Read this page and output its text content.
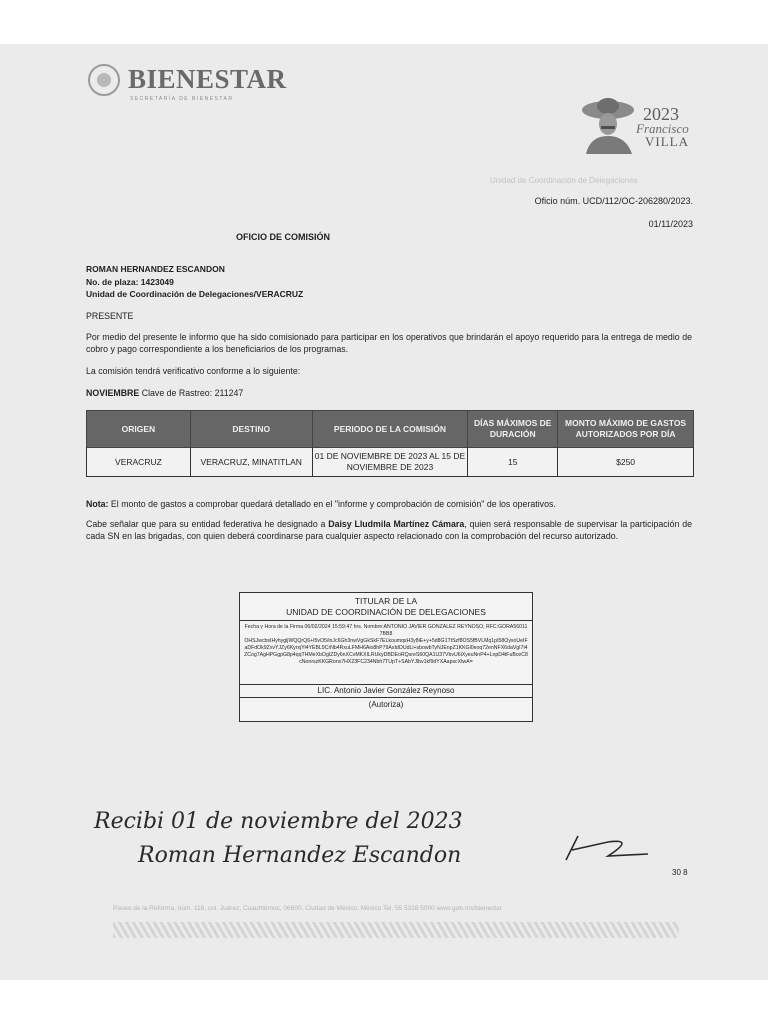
BIENESTAR
SECRETARÍA DE BIENESTAR
2023
Francisco
VILLA
Unidad de Coordinación de Delegaciones
Oficio núm. UCD/112/OC-206280/2023.
01/11/2023
OFICIO DE COMISIÓN
ROMAN HERNANDEZ ESCANDON
No. de plaza: 1423049
Unidad de Coordinación de Delegaciones/VERACRUZ
PRESENTE
Por medio del presente le informo que ha sido comisionado para participar en los operativos que brindarán el apoyo requerido para la entrega de medio de cobro y pago correspondiente a los beneficiarios de los programas.
La comisión tendrá verificativo conforme a lo siguiente:
NOVIEMBRE Clave de Rastreo: 211247
ORIGEN	DESTINO	PERIODO DE LA COMISIÓN	DÍAS MÁXIMOS DE DURACIÓN	MONTO MÁXIMO DE GASTOS AUTORIZADOS POR DÍA
VERACRUZ	VERACRUZ, MINATITLAN	01 DE NOVIEMBRE DE 2023 AL 15 DE NOVIEMBRE DE 2023	15	$250
Nota: El monto de gastos a comprobar quedará detallado en el "informe y comprobación de comisión" de los operativos.
Cabe señalar que para su entidad federativa he designado a Daisy Lludmila Martínez Cámara, quien será responsable de supervisar la participación de cada SN en las brigadas, con quien deberá coordinarse para cualquier aspecto relacionado con la comprobación del recurso autorizado.
TITULAR DE LA
UNIDAD DE COORDINACIÓN DE DELEGACIONES
Fecha y Hora de la Firma 06/02/2024 15:59:47 hrs. Nombre:ANTONIO JAVIER GONZALEZ REYNOSO, RFC:GORA560117BB8
OHSJwcbsIHyhygljWQQrQ6+I5vO5/inJc6Gh3nwVgGkSkF7ELkoumqsH3y8iE+y+5d8G1TtSzf8OS5fBVLMq1pI58OysoUeIFaDFdOk9ZxvYJZy6KyrxjYi4YEBL9CrNb4RxuLFMH6Aio8hP79AsIdOUdLi+sbowbTyNJEnpZ1KKGl0eoq72enNFX6daVgI7i4ZCog7AgHPGgpG8p4qqTHMeXbOgIZDy6nXCvMKXILRUkyDBDEoRQsreS60QA1U37VbvU6iXyeuNnP4+LnpD4tFuBceC8cNonrszKKGRonx7HX23FC234Nbh7TUpT+SAbYJlbv1kf9dYXAapscXtwA=
LIC. Antonio Javier González Reynoso
(Autoriza)
Recibi 01 de noviembre del 2023
Roman Hernandez Escandon
30 8
Paseo de la Reforma, núm. 116, col. Juárez, Cuauhtémoc, 06600, Ciudad de México, México Tel. 55 5328 5000 www.gob.mx/bienestar
